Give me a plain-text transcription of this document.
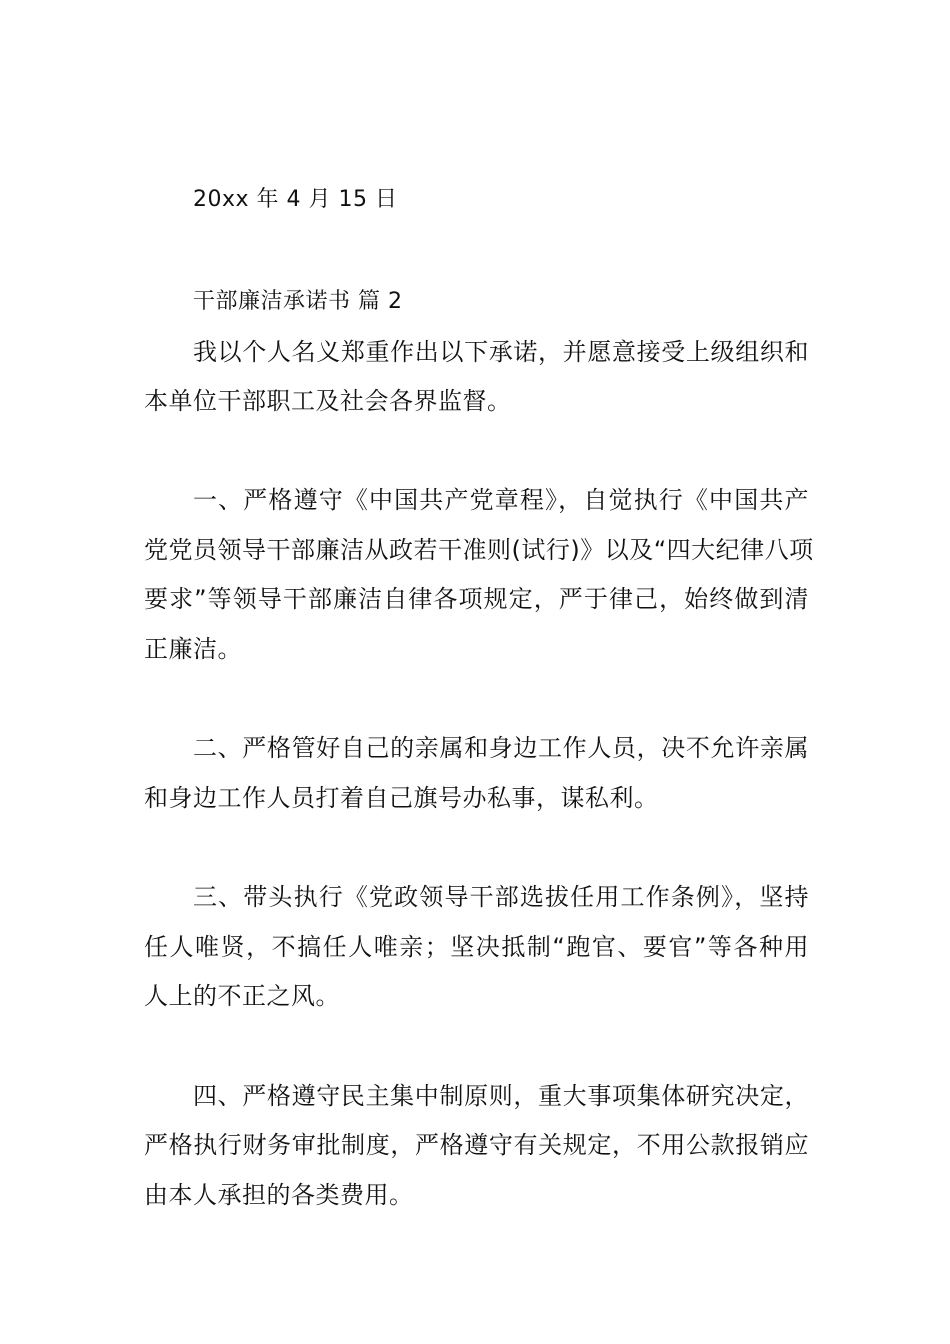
20xx 年 4 月 15 日

干部廉洁承诺书 篇 2

我以个人名义郑重作出以下承诺，并愿意接受上级组织和

本单位干部职工及社会各界监督。

一、严格遵守《中国共产党章程》，自觉执行《中国共产

党党员领导干部廉洁从政若干准则(试行)》以及“四大纪律八项

要求”等领导干部廉洁自律各项规定，严于律己，始终做到清

正廉洁。

二、严格管好自己的亲属和身边工作人员，决不允许亲属

和身边工作人员打着自己旗号办私事，谋私利。

三、带头执行《党政领导干部选拔任用工作条例》，坚持

任人唯贤，不搞任人唯亲；坚决抵制“跑官、要官”等各种用

人上的不正之风。

四、严格遵守民主集中制原则，重大事项集体研究决定，

严格执行财务审批制度，严格遵守有关规定，不用公款报销应

由本人承担的各类费用。
